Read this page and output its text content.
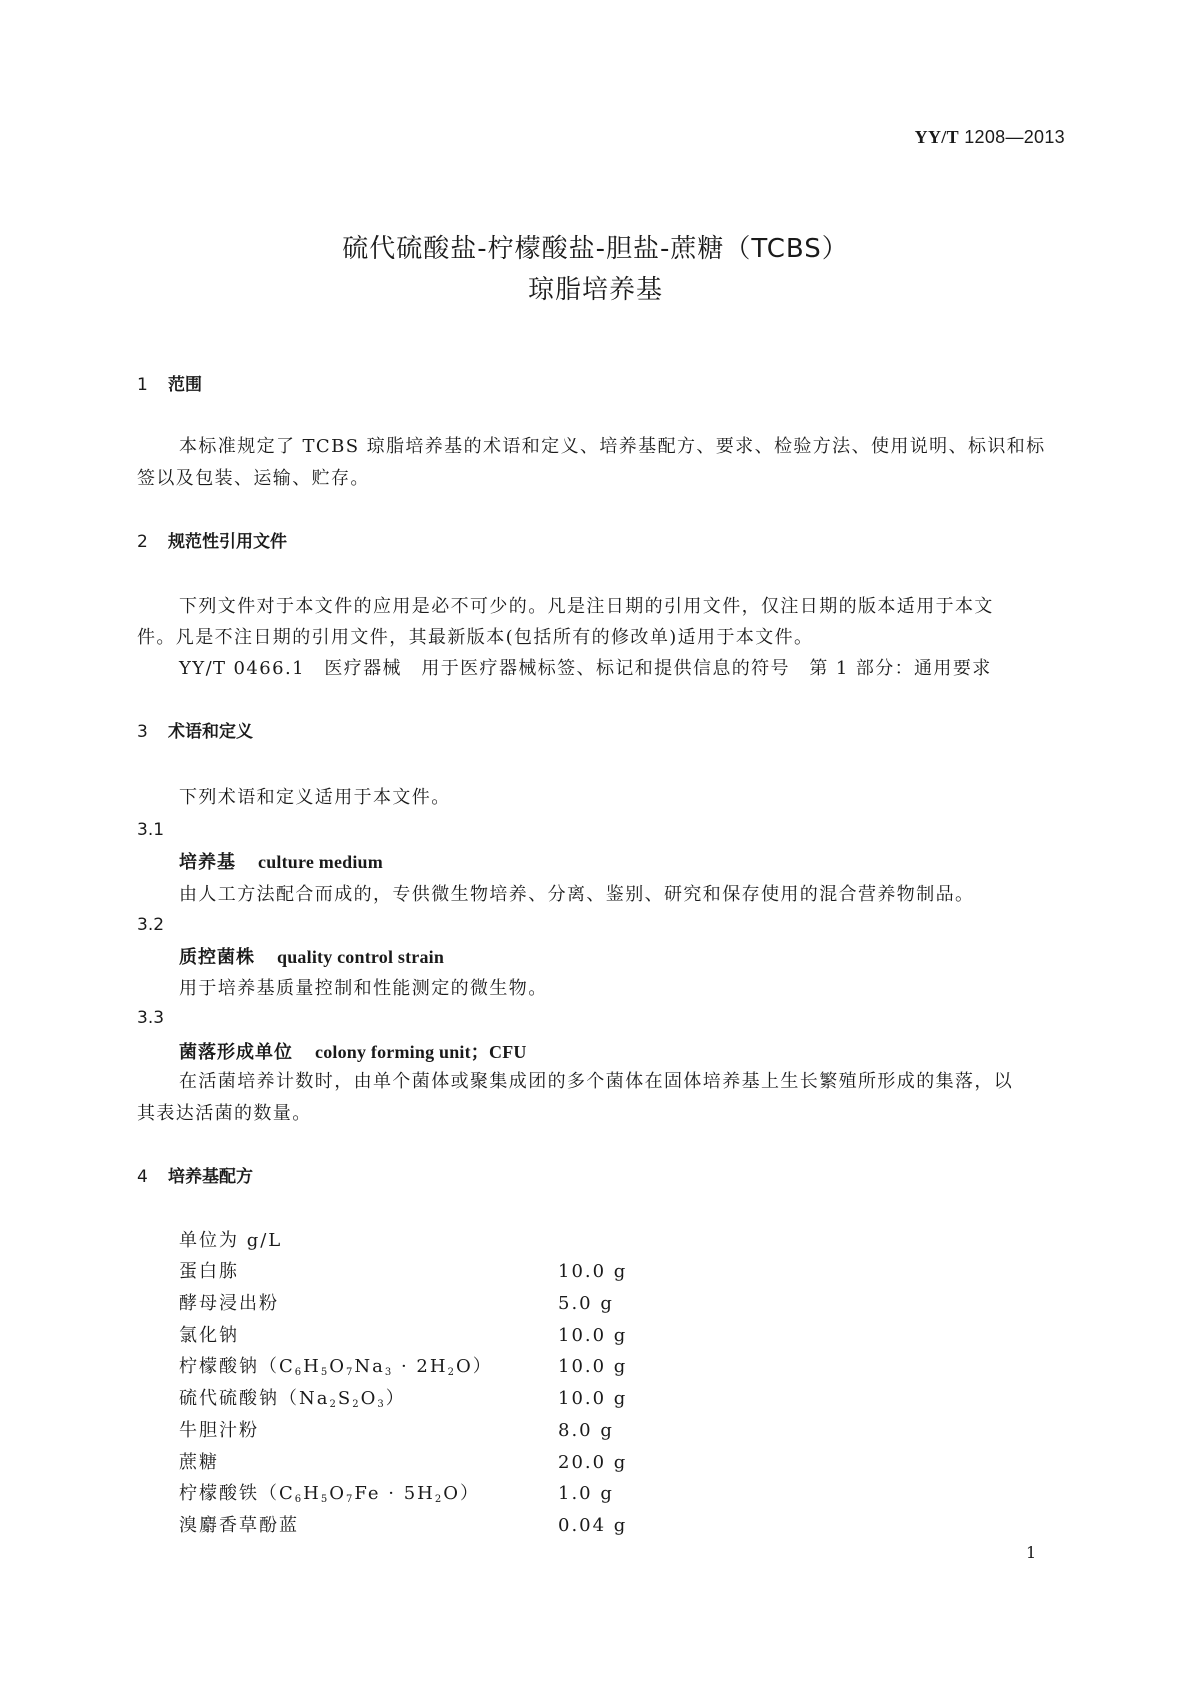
YY/T 1208—2013
硫代硫酸盐-柠檬酸盐-胆盐-蔗糖（TCBS）
琼脂培养基
1 范围
本标准规定了 TCBS 琼脂培养基的术语和定义、培养基配方、要求、检验方法、使用说明、标识和标
签以及包装、运输、贮存。
2 规范性引用文件
下列文件对于本文件的应用是必不可少的。凡是注日期的引用文件，仅注日期的版本适用于本文
件。凡是不注日期的引用文件，其最新版本(包括所有的修改单)适用于本文件。
YY/T 0466.1　医疗器械　用于医疗器械标签、标记和提供信息的符号　第 1 部分：通用要求
3 术语和定义
下列术语和定义适用于本文件。
3.1
培养基 culture medium
由人工方法配合而成的，专供微生物培养、分离、鉴别、研究和保存使用的混合营养物制品。
3.2
质控菌株 quality control strain
用于培养基质量控制和性能测定的微生物。
3.3
菌落形成单位 colony forming unit；CFU
在活菌培养计数时，由单个菌体或聚集成团的多个菌体在固体培养基上生长繁殖所形成的集落，以
其表达活菌的数量。
4 培养基配方
单位为 g/L
蛋白胨	10.0 g
酵母浸出粉	5.0 g
氯化钠	10.0 g
柠檬酸钠$(C_6H_5O_7Na_3 \cdot 2H_2O)$	10.0 g
硫代硫酸钠$(Na_2S_2O_3)$	10.0 g
牛胆汁粉	8.0 g
蔗糖	20.0 g
柠檬酸铁$(C_6H_5O_7Fe \cdot 5H_2O)$	1.0 g
溴麝香草酚蓝	0.04 g
1
